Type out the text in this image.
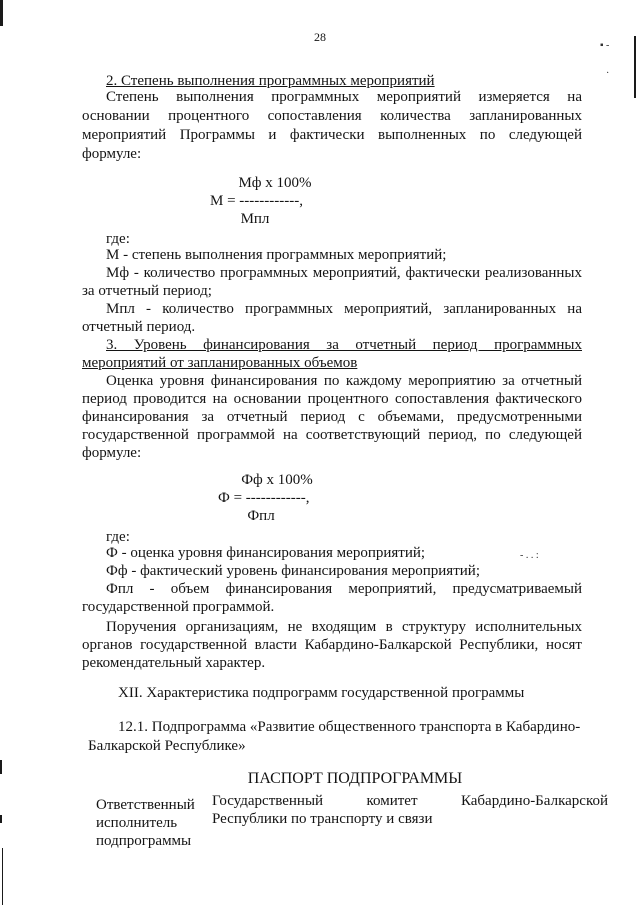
▪ -
·
- . . :
28
2. Степень выполнения программных мероприятий
Степень выполнения программных мероприятий измеряется на
основании процентного сопоставления количества запланированных
мероприятий Программы и фактически выполненных по следующей
формуле:
Мф х 100%
М = ------------,
Мпл
где:
М - степень выполнения программных мероприятий;
Мф - количество программных мероприятий, фактически реализованных
за отчетный период;
Мпл - количество программных мероприятий, запланированных на
отчетный период.
3. Уровень финансирования за отчетный период программных
мероприятий от запланированных объемов
Оценка уровня финансирования по каждому мероприятию за отчетный
период проводится на основании процентного сопоставления фактического
финансирования за отчетный период с объемами, предусмотренными
государственной программой на соответствующий период, по следующей
формуле:
Фф х 100%
Ф = ------------,
Фпл
где:
Ф - оценка уровня финансирования мероприятий;
Фф - фактический уровень финансирования мероприятий;
Фпл - объем финансирования мероприятий, предусматриваемый
государственной программой.
Поручения организациям, не входящим в структуру исполнительных
органов государственной власти Кабардино-Балкарской Республики, носят
рекомендательный характер.
XII. Характеристика подпрограмм государственной программы
12.1. Подпрограмма «Развитие общественного транспорта в Кабардино-
Балкарской Республике»
ПАСПОРТ ПОДПРОГРАММЫ
Ответственный
исполнитель
подпрограммы
Государственный комитет Кабардино-Балкарской
Республики по транспорту и связи
